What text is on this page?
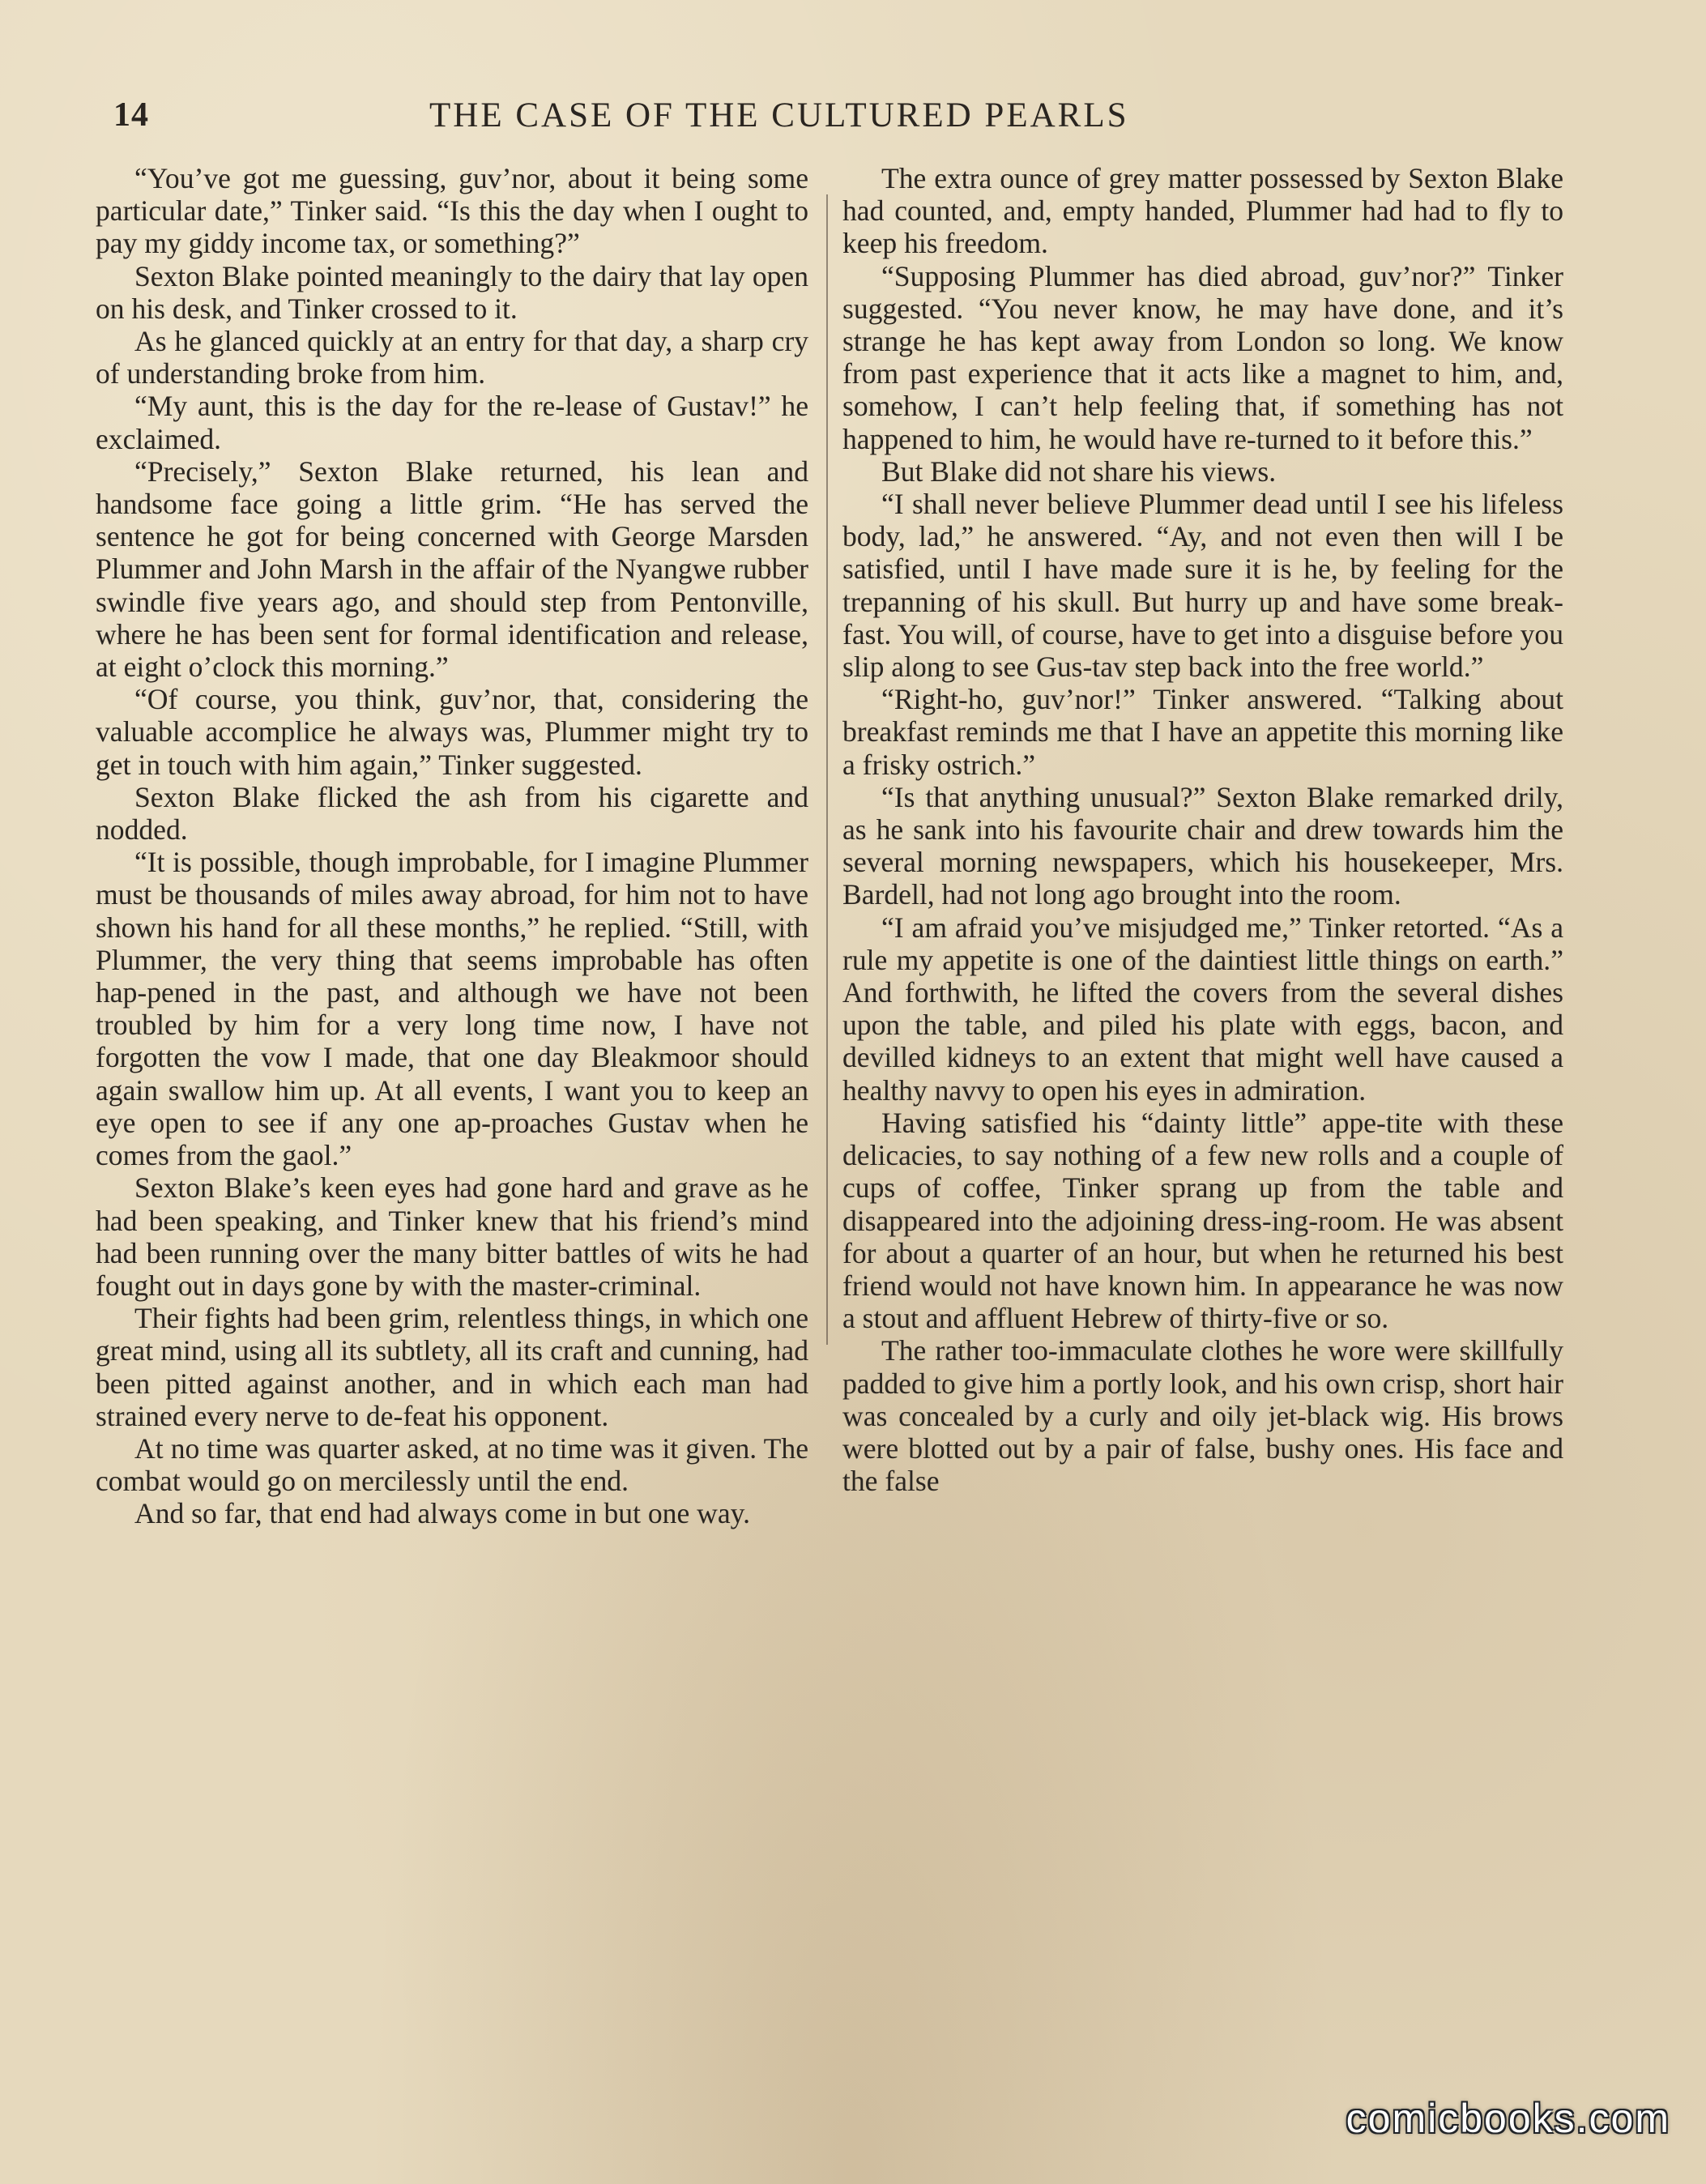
14	THE CASE OF THE CULTURED PEARLS

“You’ve got me guessing, guv’nor, about it being some particular date,” Tinker said. “Is this the day when I ought to pay my giddy income tax, or something?”

Sexton Blake pointed meaningly to the dairy that lay open on his desk, and Tinker crossed to it.

As he glanced quickly at an entry for that day, a sharp cry of understanding broke from him.

“My aunt, this is the day for the re-lease of Gustav!” he exclaimed.

“Precisely,” Sexton Blake returned, his lean and handsome face going a little grim. “He has served the sentence he got for being concerned with George Marsden Plummer and John Marsh in the affair of the Nyangwe rubber swindle five years ago, and should step from Pentonville, where he has been sent for formal identification and release, at eight o’clock this morning.”

“Of course, you think, guv’nor, that, considering the valuable accomplice he always was, Plummer might try to get in touch with him again,” Tinker suggested.

Sexton Blake flicked the ash from his cigarette and nodded.

“It is possible, though improbable, for I imagine Plummer must be thousands of miles away abroad, for him not to have shown his hand for all these months,” he replied. “Still, with Plummer, the very thing that seems improbable has often hap-pened in the past, and although we have not been troubled by him for a very long time now, I have not forgotten the vow I made, that one day Bleakmoor should again swallow him up. At all events, I want you to keep an eye open to see if any one ap-proaches Gustav when he comes from the gaol.”

Sexton Blake’s keen eyes had gone hard and grave as he had been speaking, and Tinker knew that his friend’s mind had been running over the many bitter battles of wits he had fought out in days gone by with the master-criminal.

Their fights had been grim, relentless things, in which one great mind, using all its subtlety, all its craft and cunning, had been pitted against another, and in which each man had strained every nerve to de-feat his opponent.

At no time was quarter asked, at no time was it given. The combat would go on mercilessly until the end.

And so far, that end had always come in but one way.

The extra ounce of grey matter possessed by Sexton Blake had counted, and, empty handed, Plummer had had to fly to keep his freedom.

“Supposing Plummer has died abroad, guv’nor?” Tinker suggested. “You never know, he may have done, and it’s strange he has kept away from London so long. We know from past experience that it acts like a magnet to him, and, somehow, I can’t help feeling that, if something has not happened to him, he would have re-turned to it before this.”

But Blake did not share his views.

“I shall never believe Plummer dead until I see his lifeless body, lad,” he answered. “Ay, and not even then will I be satisfied, until I have made sure it is he, by feeling for the trepanning of his skull. But hurry up and have some break-fast. You will, of course, have to get into a disguise before you slip along to see Gus-tav step back into the free world.”

“Right-ho, guv’nor!” Tinker answered. “Talking about breakfast reminds me that I have an appetite this morning like a frisky ostrich.”

“Is that anything unusual?” Sexton Blake remarked drily, as he sank into his favourite chair and drew towards him the several morning newspapers, which his housekeeper, Mrs. Bardell, had not long ago brought into the room.

“I am afraid you’ve misjudged me,” Tinker retorted. “As a rule my appetite is one of the daintiest little things on earth.” And forthwith, he lifted the covers from the several dishes upon the table, and piled his plate with eggs, bacon, and devilled kidneys to an extent that might well have caused a healthy navvy to open his eyes in admiration.

Having satisfied his “dainty little” appe-tite with these delicacies, to say nothing of a few new rolls and a couple of cups of coffee, Tinker sprang up from the table and disappeared into the adjoining dress-ing-room. He was absent for about a quarter of an hour, but when he returned his best friend would not have known him. In appearance he was now a stout and affluent Hebrew of thirty-five or so.

The rather too-immaculate clothes he wore were skillfully padded to give him a portly look, and his own crisp, short hair was concealed by a curly and oily jet-black wig. His brows were blotted out by a pair of false, bushy ones. His face and the false

comicbooks.com
